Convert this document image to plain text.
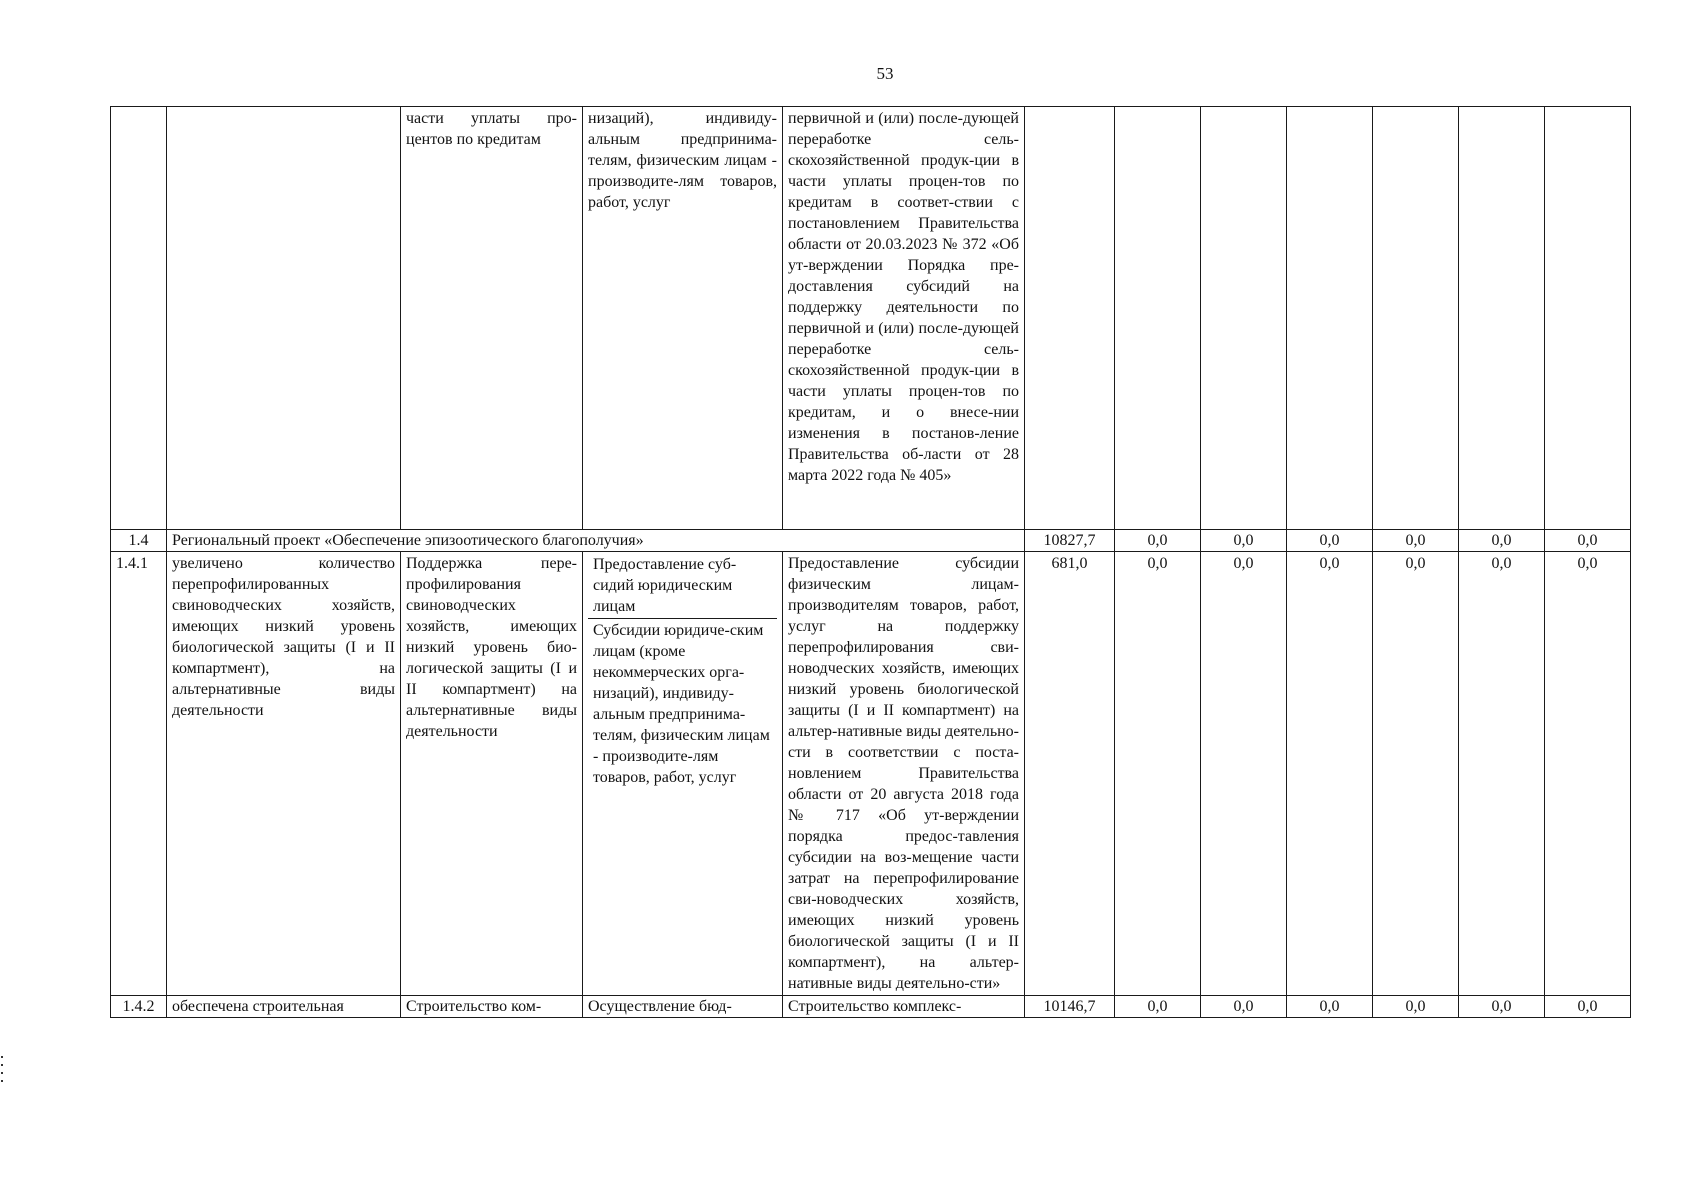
53
		части уплаты про-центов по кредитам	низаций), индивиду-альным предпринима-телям, физическим лицам - производите-лям товаров, работ, услуг	первичной и (или) после-дующей переработке сель-скохозяйственной продук-ции в части уплаты процен-тов по кредитам в соответ-ствии с постановлением Правительства области от 20.03.2023 № 372 «Об ут-верждении Порядка пре-доставления субсидий на поддержку деятельности по первичной и (или) после-дующей переработке сель-скохозяйственной продук-ции в части уплаты процен-тов по кредитам, и о внесе-нии изменения в постанов-ление Правительства об-ласти от 28 марта 2022 года № 405»							
1.4	Региональный проект «Обеспечение эпизоотического благополучия»				10827,7	0,0	0,0	0,0	0,0	0,0	0,0
1.4.1	увеличено количество перепрофилированных свиноводческих хозяйств, имеющих низкий уровень биологической защиты (I и II компартмент), на альтернативные виды деятельности	Поддержка пере-профилирования свиноводческих хозяйств, имеющих низкий уровень био-логической защиты (I и II компартмент) на альтернативные виды деятельности	Предоставление суб-сидий юридическим лицам
Субсидии юридиче-ским лицам (кроме некоммерческих орга-низаций), индивиду-альным предпринима-телям, физическим лицам - производите-лям товаров, работ, услуг	Предоставление субсидии физическим лицам-производителям товаров, работ, услуг на поддержку перепрофилирования сви-новодческих хозяйств, имеющих низкий уровень биологической защиты (I и II компартмент) на альтер-нативные виды деятельно-сти в соответствии с поста-новлением Правительства области от 20 августа 2018 года № 717 «Об ут-верждении порядка предос-тавления субсидии на воз-мещение части затрат на перепрофилирование сви-новодческих хозяйств, имеющих низкий уровень биологической защиты (I и II компартмент), на альтер-нативные виды деятельно-сти»	681,0	0,0	0,0	0,0	0,0	0,0	0,0
1.4.2	обеспечена строительная	Строительство ком-	Осуществление бюд-	Строительство комплекс-	10146,7	0,0	0,0	0,0	0,0	0,0	0,0
